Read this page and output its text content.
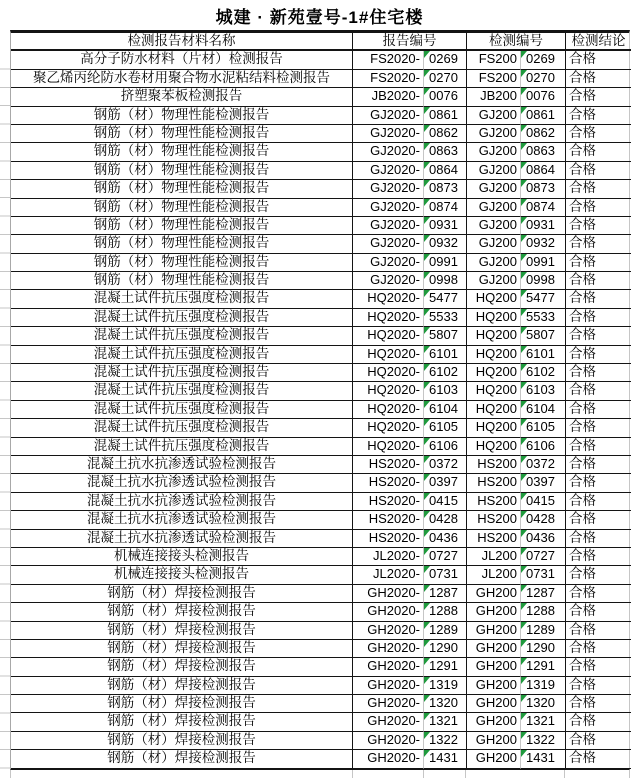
城建 · 新苑壹号-1#住宅楼
检测报告材料名称	报告编号	检测编号	检测结论
高分子防水材料（片材）检测报告	FS2020- 0269	FS200 0269	合格
聚乙烯丙纶防水卷材用聚合物水泥粘结料检测报告	FS2020- 0270	FS200 0270	合格
挤塑聚苯板检测报告	JB2020- 0076	JB200 0076	合格
钢筋（材）物理性能检测报告	GJ2020- 0861	GJ200 0861	合格
钢筋（材）物理性能检测报告	GJ2020- 0862	GJ200 0862	合格
钢筋（材）物理性能检测报告	GJ2020- 0863	GJ200 0863	合格
钢筋（材）物理性能检测报告	GJ2020- 0864	GJ200 0864	合格
钢筋（材）物理性能检测报告	GJ2020- 0873	GJ200 0873	合格
钢筋（材）物理性能检测报告	GJ2020- 0874	GJ200 0874	合格
钢筋（材）物理性能检测报告	GJ2020- 0931	GJ200 0931	合格
钢筋（材）物理性能检测报告	GJ2020- 0932	GJ200 0932	合格
钢筋（材）物理性能检测报告	GJ2020- 0991	GJ200 0991	合格
钢筋（材）物理性能检测报告	GJ2020- 0998	GJ200 0998	合格
混凝土试件抗压强度检测报告	HQ2020- 5477	HQ200 5477	合格
混凝土试件抗压强度检测报告	HQ2020- 5533	HQ200 5533	合格
混凝土试件抗压强度检测报告	HQ2020- 5807	HQ200 5807	合格
混凝土试件抗压强度检测报告	HQ2020- 6101	HQ200 6101	合格
混凝土试件抗压强度检测报告	HQ2020- 6102	HQ200 6102	合格
混凝土试件抗压强度检测报告	HQ2020- 6103	HQ200 6103	合格
混凝土试件抗压强度检测报告	HQ2020- 6104	HQ200 6104	合格
混凝土试件抗压强度检测报告	HQ2020- 6105	HQ200 6105	合格
混凝土试件抗压强度检测报告	HQ2020- 6106	HQ200 6106	合格
混凝土抗水抗渗透试验检测报告	HS2020- 0372	HS200 0372	合格
混凝土抗水抗渗透试验检测报告	HS2020- 0397	HS200 0397	合格
混凝土抗水抗渗透试验检测报告	HS2020- 0415	HS200 0415	合格
混凝土抗水抗渗透试验检测报告	HS2020- 0428	HS200 0428	合格
混凝土抗水抗渗透试验检测报告	HS2020- 0436	HS200 0436	合格
机械连接接头检测报告	JL2020- 0727	JL200 0727	合格
机械连接接头检测报告	JL2020- 0731	JL200 0731	合格
钢筋（材）焊接检测报告	GH2020- 1287	GH200 1287	合格
钢筋（材）焊接检测报告	GH2020- 1288	GH200 1288	合格
钢筋（材）焊接检测报告	GH2020- 1289	GH200 1289	合格
钢筋（材）焊接检测报告	GH2020- 1290	GH200 1290	合格
钢筋（材）焊接检测报告	GH2020- 1291	GH200 1291	合格
钢筋（材）焊接检测报告	GH2020- 1319	GH200 1319	合格
钢筋（材）焊接检测报告	GH2020- 1320	GH200 1320	合格
钢筋（材）焊接检测报告	GH2020- 1321	GH200 1321	合格
钢筋（材）焊接检测报告	GH2020- 1322	GH200 1322	合格
钢筋（材）焊接检测报告	GH2020- 1431	GH200 1431	合格
